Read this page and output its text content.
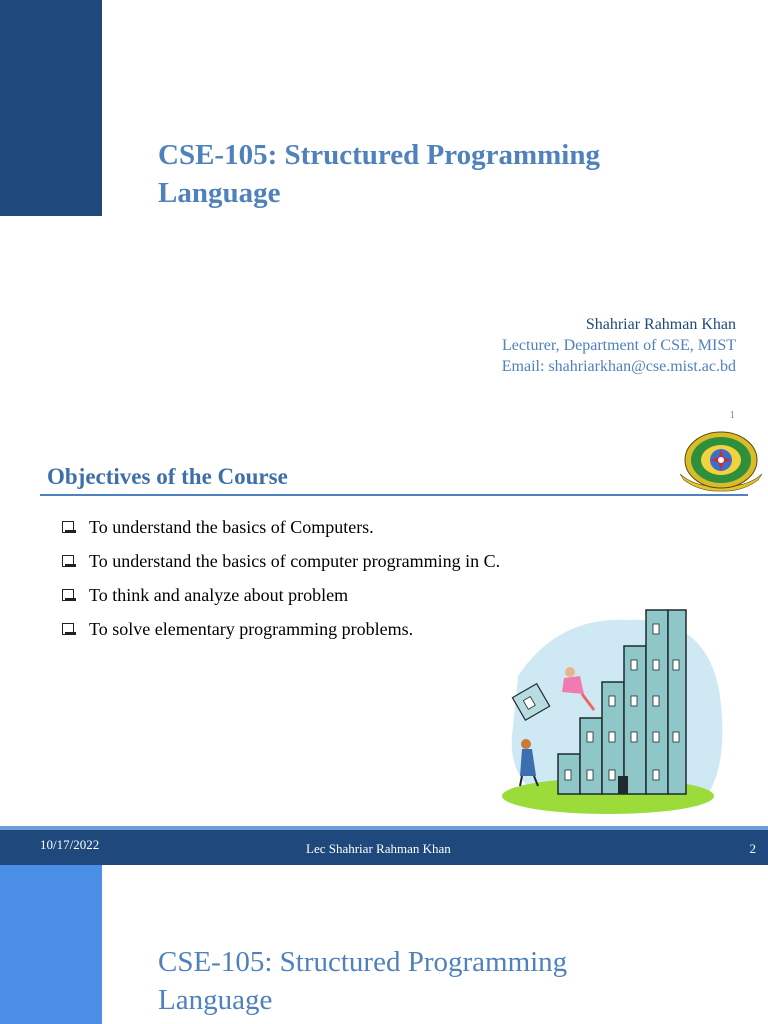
CSE-105: Structured Programming
Language
Shahriar Rahman Khan
Lecturer, Department of CSE, MIST
Email: shahriarkhan@cse.mist.ac.bd
1
Objectives of the Course
To understand the basics of Computers.
To understand the basics of computer programming in C.
To think and analyze about problem
To solve elementary programming problems.
10/17/2022	Lec Shahriar Rahman Khan	2
CSE-105: Structured Programming
Language
